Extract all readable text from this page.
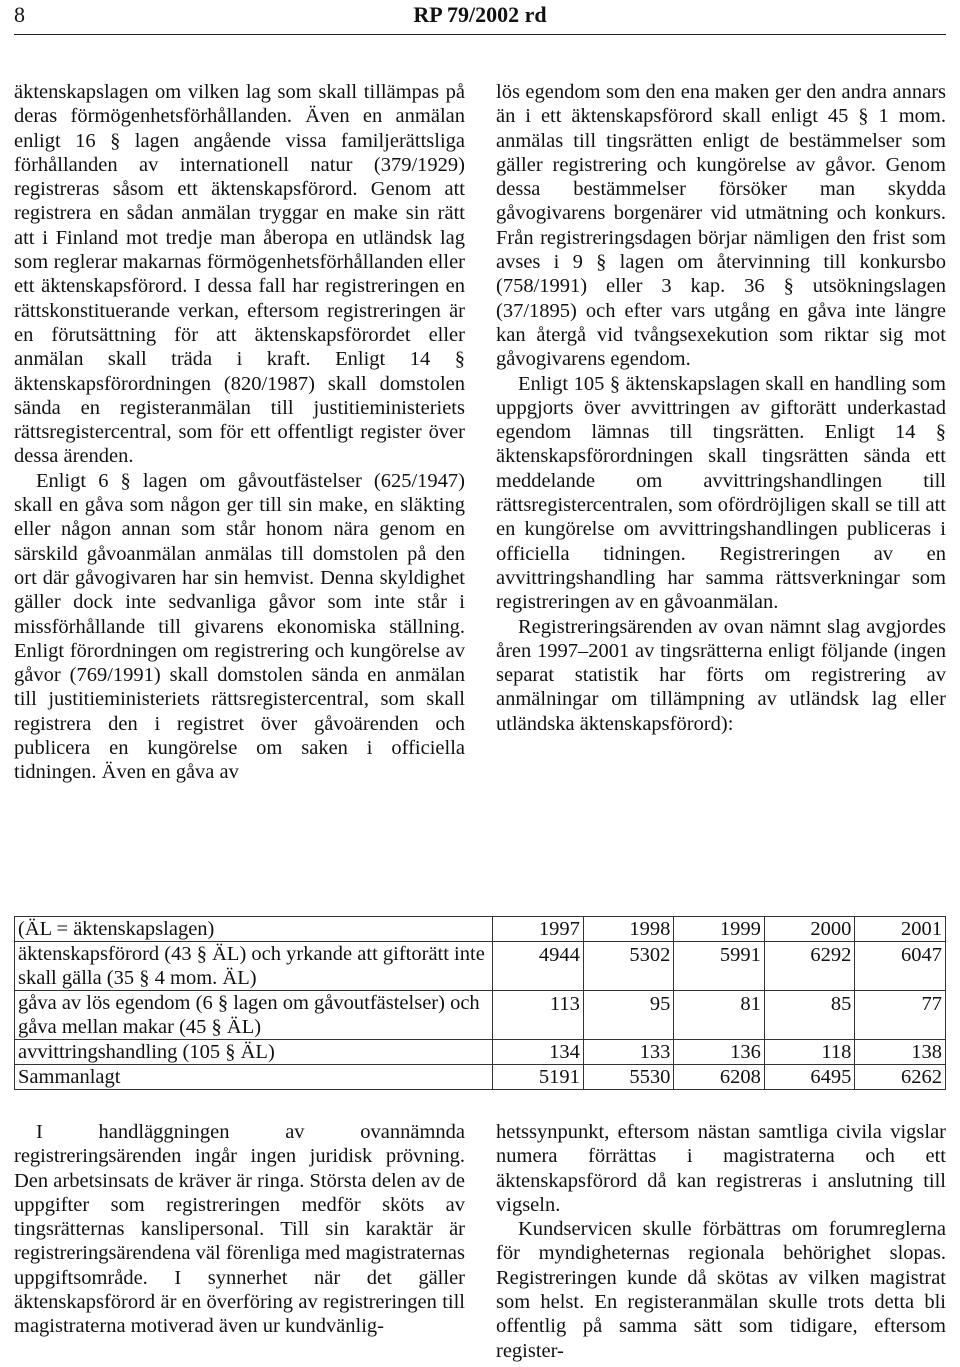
8	RP 79/2002 rd

äktenskapslagen om vilken lag som skall tillämpas på deras förmögenhetsförhållanden. Även en anmälan enligt 16 § lagen angående vissa familjerättsliga förhållanden av internationell natur (379/1929) registreras såsom ett äktenskapsförord. Genom att registrera en sådan anmälan tryggar en make sin rätt att i Finland mot tredje man åberopa en utländsk lag som reglerar makarnas förmögenhetsförhållanden eller ett äktenskapsförord. I dessa fall har registreringen en rättskonstituerande verkan, eftersom registreringen är en förutsättning för att äktenskapsförordet eller anmälan skall träda i kraft. Enligt 14 § äktenskapsförordningen (820/1987) skall domstolen sända en registeranmälan till justitieministeriets rättsregistercentral, som för ett offentligt register över dessa ärenden.

Enligt 6 § lagen om gåvoutfästelser (625/1947) skall en gåva som någon ger till sin make, en släkting eller någon annan som står honom nära genom en särskild gåvoanmälan anmälas till domstolen på den ort där gåvogivaren har sin hemvist. Denna skyldighet gäller dock inte sedvanliga gåvor som inte står i missförhållande till givarens ekonomiska ställning. Enligt förordningen om registrering och kungörelse av gåvor (769/1991) skall domstolen sända en anmälan till justitieministeriets rättsregistercentral, som skall registrera den i registret över gåvoärenden och publicera en kungörelse om saken i officiella tidningen. Även en gåva av

lös egendom som den ena maken ger den andra annars än i ett äktenskapsförord skall enligt 45 § 1 mom. anmälas till tingsrätten enligt de bestämmelser som gäller registrering och kungörelse av gåvor. Genom dessa bestämmelser försöker man skydda gåvogivarens borgenärer vid utmätning och konkurs. Från registreringsdagen börjar nämligen den frist som avses i 9 § lagen om återvinning till konkursbo (758/1991) eller 3 kap. 36 § utsökningslagen (37/1895) och efter vars utgång en gåva inte längre kan återgå vid tvångsexekution som riktar sig mot gåvogivarens egendom.

Enligt 105 § äktenskapslagen skall en handling som uppgjorts över avvittringen av giftorätt underkastad egendom lämnas till tingsrätten. Enligt 14 § äktenskapsförordningen skall tingsrätten sända ett meddelande om avvittringshandlingen till rättsregistercentralen, som ofördröjligen skall se till att en kungörelse om avvittringshandlingen publiceras i officiella tidningen. Registreringen av en avvittringshandling har samma rättsverkningar som registreringen av en gåvoanmälan.

Registreringsärenden av ovan nämnt slag avgjordes åren 1997–2001 av tingsrätterna enligt följande (ingen separat statistik har förts om registrering av anmälningar om tillämpning av utländsk lag eller utländska äktenskapsförord):

(ÄL = äktenskapslagen)	1997	1998	1999	2000	2001
äktenskapsförord (43 § ÄL) och yrkande att giftorätt inte skall gälla (35 § 4 mom. ÄL)	4944	5302	5991	6292	6047
gåva av lös egendom (6 § lagen om gåvoutfästelser) och gåva mellan makar (45 § ÄL)	113	95	81	85	77
avvittringshandling (105 § ÄL)	134	133	136	118	138
Sammanlagt	5191	5530	6208	6495	6262

I handläggningen av ovannämnda registreringsärenden ingår ingen juridisk prövning. Den arbetsinsats de kräver är ringa. Största delen av de uppgifter som registreringen medför sköts av tingsrätternas kanslipersonal. Till sin karaktär är registreringsärendena väl förenliga med magistraternas uppgiftsområde. I synnerhet när det gäller äktenskapsförord är en överföring av registreringen till magistraterna motiverad även ur kundvänlig-

hetssynpunkt, eftersom nästan samtliga civila vigslar numera förrättas i magistraterna och ett äktenskapsförord då kan registreras i anslutning till vigseln.

Kundservicen skulle förbättras om forumreglerna för myndigheternas regionala behörighet slopas. Registreringen kunde då skötas av vilken magistrat som helst. En registeranmälan skulle trots detta bli offentlig på samma sätt som tidigare, eftersom register-
